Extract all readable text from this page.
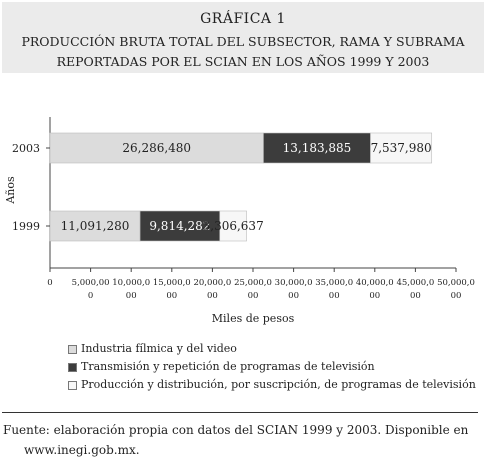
GRÁFICA 1
PRODUCCIÓN BRUTA TOTAL DEL SUBSECTOR, RAMA Y SUBRAMA
REPORTADAS POR EL SCIAN EN LOS AÑOS 1999 Y 2003
26,286,480	13,183,885 7,537,980
2003
11,091,280 9,814,282
3,306,637
1999
0 5,000,00 0
10,000,0 00
15,000,0 00
20,000,0 00
25,000,0 00
30,000,0 00
35,000,0 00
40,000,0 00
45,000,0 00
50,000,0 00
Miles de pesos
Años
Industria fílmica y del video
Transmisión y repetición de programas de televisión
Producción y distribución, por suscripción, de programas de televisión
Fuente: elaboración propia con datos del SCIAN 1999 y 2003. Disponible en
www.inegi.gob.mx.
